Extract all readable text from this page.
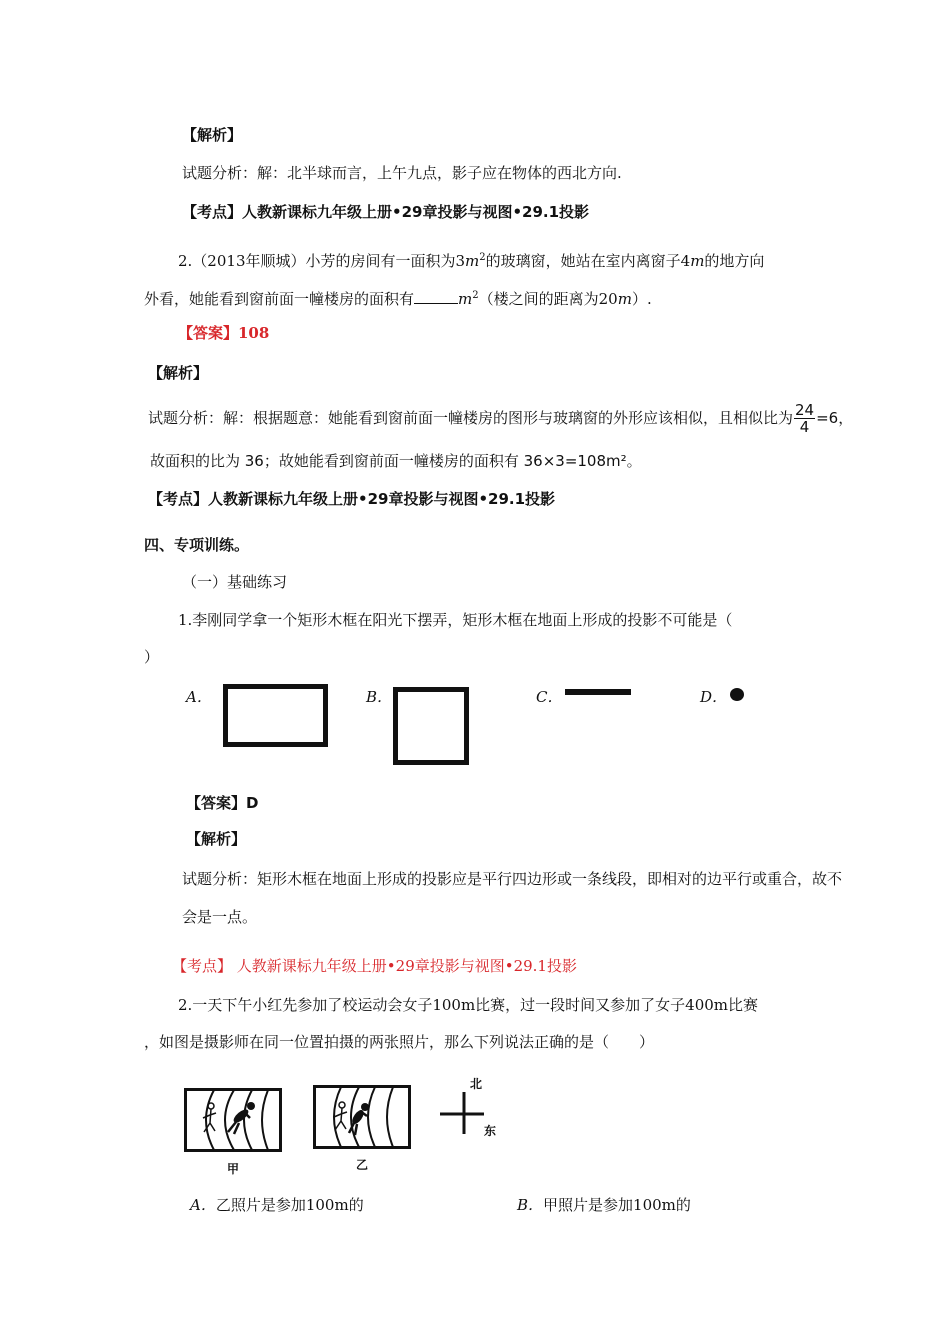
【解析】
试题分析：解：北半球而言，上午九点，影子应在物体的西北方向.
【考点】人教新课标九年级上册•29章投影与视图•29.1投影
2.（2013年顺城）小芳的房间有一面积为$3m^2$的玻璃窗，她站在室内离窗子4m的地方向
外看，她能看到窗前面一幢楼房的面积有	$m^2$（楼之间的距离为20m）.
【答案】108
【解析】
试题分析：解：根据题意：她能看到窗前面一幢楼房的图形与玻璃窗的外形应该相似，且相似比为 $\frac{24}{4} =6$，
故面积的比为 36；故她能看到窗前面一幢楼房的面积有 36×3=108m²。
【考点】人教新课标九年级上册•29章投影与视图•29.1投影
四、专项训练。
（一）基础练习
1.李刚同学拿一个矩形木框在阳光下摆弄，矩形木框在地面上形成的投影不可能是（
）
A．	B．	C．	D．
【答案】D
【解析】
试题分析：矩形木框在地面上形成的投影应是平行四边形或一条线段，即相对的边平行或重合，故不
会是一点。
【考点】 人教新课标九年级上册•29章投影与视图•29.1投影
2.一天下午小红先参加了校运动会女子100m比赛，过一段时间又参加了女子400m比赛
，如图是摄影师在同一位置拍摄的两张照片，那么下列说法正确的是（　　）
甲	乙
北
东
A．乙照片是参加100m的	B．甲照片是参加100m的
